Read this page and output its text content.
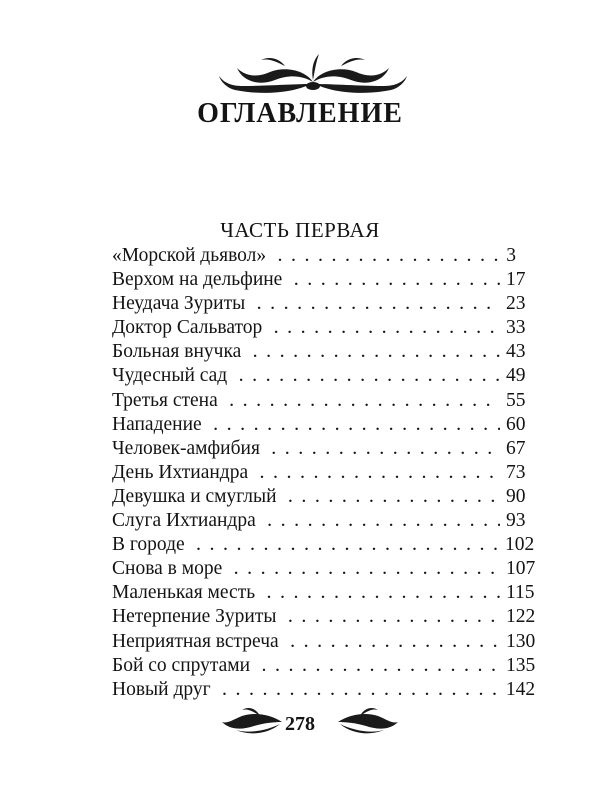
ОГЛАВЛЕНИЕ
ЧАСТЬ ПЕРВАЯ
«Морской дьявол» . . .	3
Верхом на дельфине . . .	17
Неудача Зуриты . . .	23
Доктор Сальватор . . .	33
Больная внучка . . .	43
Чудесный сад . . .	49
Третья стена . . .	55
Нападение . . .	60
Человек-амфибия . . .	67
День Ихтиандра . . .	73
Девушка и смуглый . . .	90
Слуга Ихтиандра . . .	93
В городе . . .	102
Снова в море . . .	107
Маленькая месть . . .	115
Нетерпение Зуриты . . .	122
Неприятная встреча . . .	130
Бой со спрутами . . .	135
Новый друг . . .	142
278
